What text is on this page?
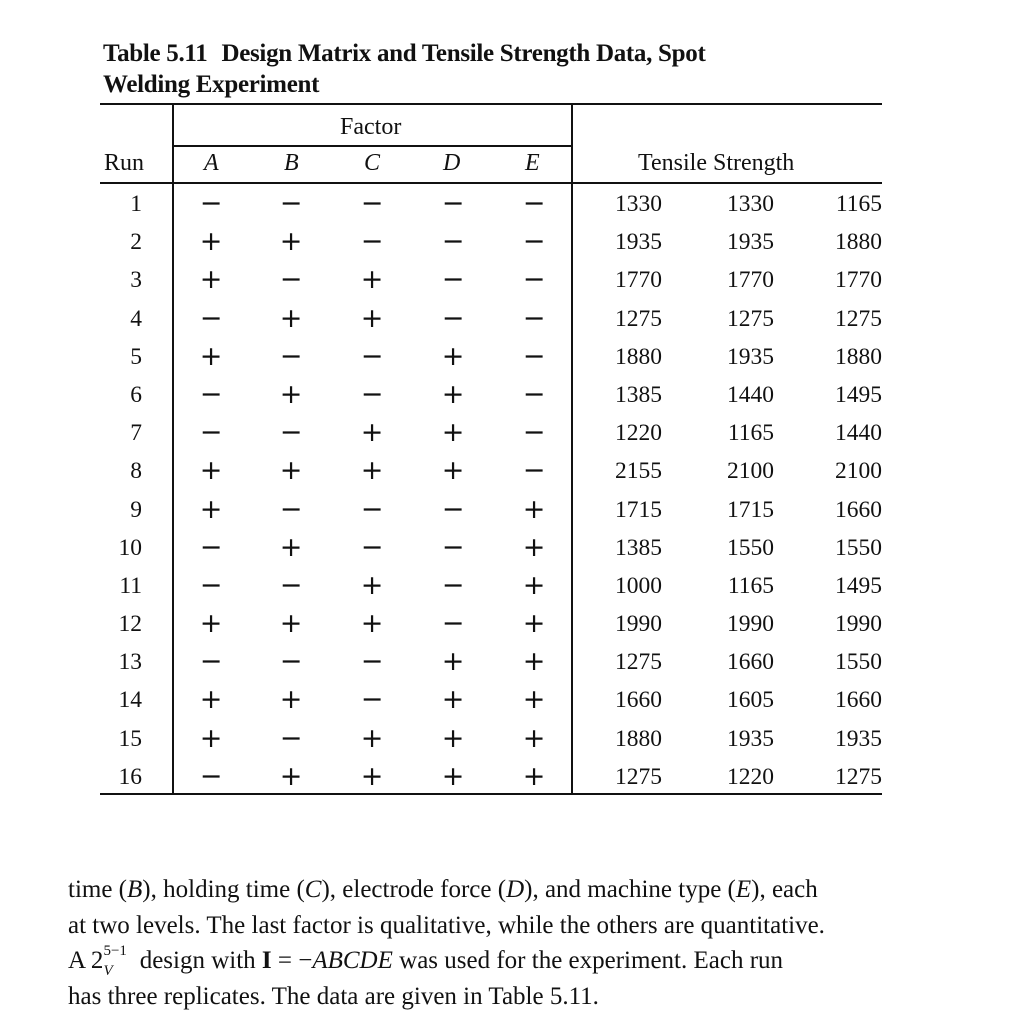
Table 5.11 Design Matrix and Tensile Strength Data, Spot
Welding Experiment
Factor
Run A	B	C	D	E	Tensile Strength
1 − − − − −	1330	1330	1165
2 + + − − −	1935	1935	1880
3 + − + − −	1770	1770	1770
4 − + + − −	1275	1275	1275
5 + − − + −	1880	1935	1880
6 − + − + −	1385	1440	1495
7 − − + + −	1220	1165	1440
8 + + + + −	2155	2100	2100
9 + − − − +	1715	1715	1660
10 − + − − +	1385	1550	1550
11 − − + − +	1000	1165	1495
12 + + + − +	1990	1990	1990
13 − − − + +	1275	1660	1550
14 + + − + +	1660	1605	1660
15 + − + + +	1880	1935	1935
16 − + + + +	1275	1220	1275

time (B), holding time (C), electrode force (D), and machine type (E), each

at two levels. The last factor is qualitative, while the others are quantitative.

A 2 5−1
V design with I = −ABCDE was used for the experiment. Each run

has three replicates. The data are given in Table 5.11.
